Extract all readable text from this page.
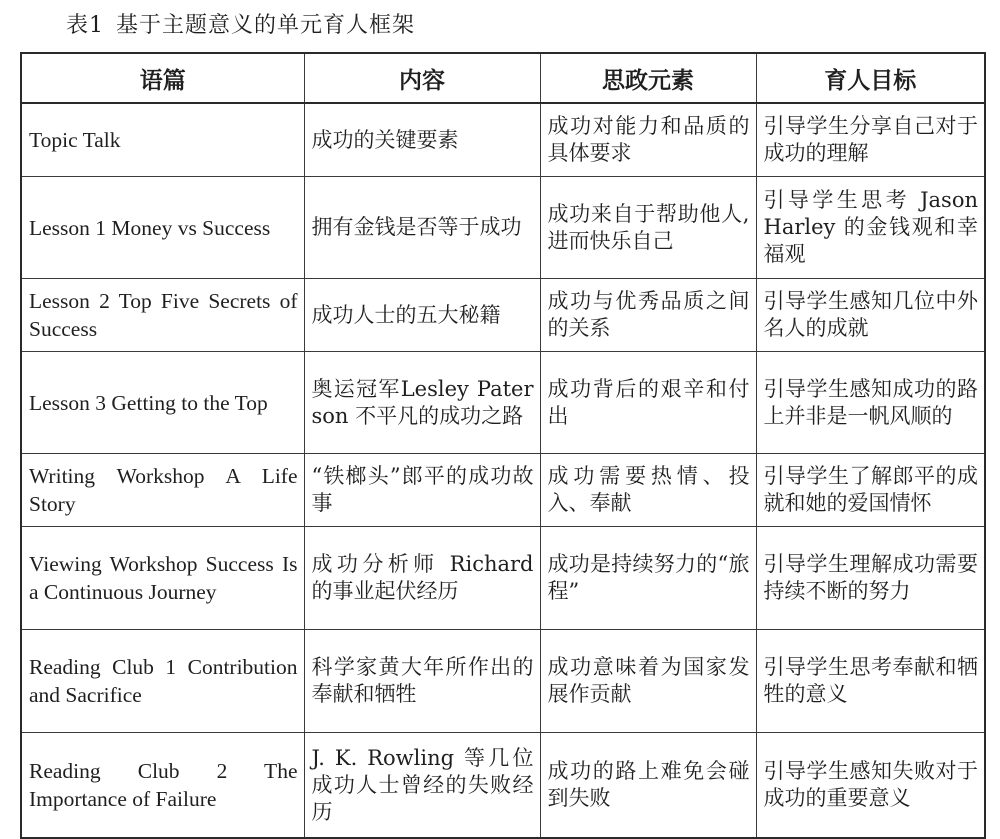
表1 基于主题意义的单元育人框架
语篇	内容	思政元素	育人目标
Topic Talk	成功的关键要素	成功对能力和品质的具体要求	引导学生分享自己对于成功的理解
Lesson 1 Money vs Success	拥有金钱是否等于成功	成功来自于帮助他人,进而快乐自己	引导学生思考 Jason Harley 的金钱观和幸福观
Lesson 2 Top Five Secrets of Success	成功人士的五大秘籍	成功与优秀品质之间的关系	引导学生感知几位中外名人的成就
Lesson 3 Getting to the Top	奥运冠军Lesley Paterson 不平凡的成功之路	成功背后的艰辛和付出	引导学生感知成功的路上并非是一帆风顺的
Writing Workshop A Life Story	“铁榔头”郎平的成功故事	成功需要热情、投入、奉献	引导学生了解郎平的成就和她的爱国情怀
Viewing Workshop Success Is a Continuous Journey	成功分析师 Richard 的事业起伏经历	成功是持续努力的“旅程”	引导学生理解成功需要持续不断的努力
Reading Club 1 Contribution and Sacrifice	科学家黄大年所作出的奉献和牺牲	成功意味着为国家发展作贡献	引导学生思考奉献和牺牲的意义
Reading Club 2 The Importance of Failure	J. K. Rowling 等几位成功人士曾经的失败经历	成功的路上难免会碰到失败	引导学生感知失败对于成功的重要意义
